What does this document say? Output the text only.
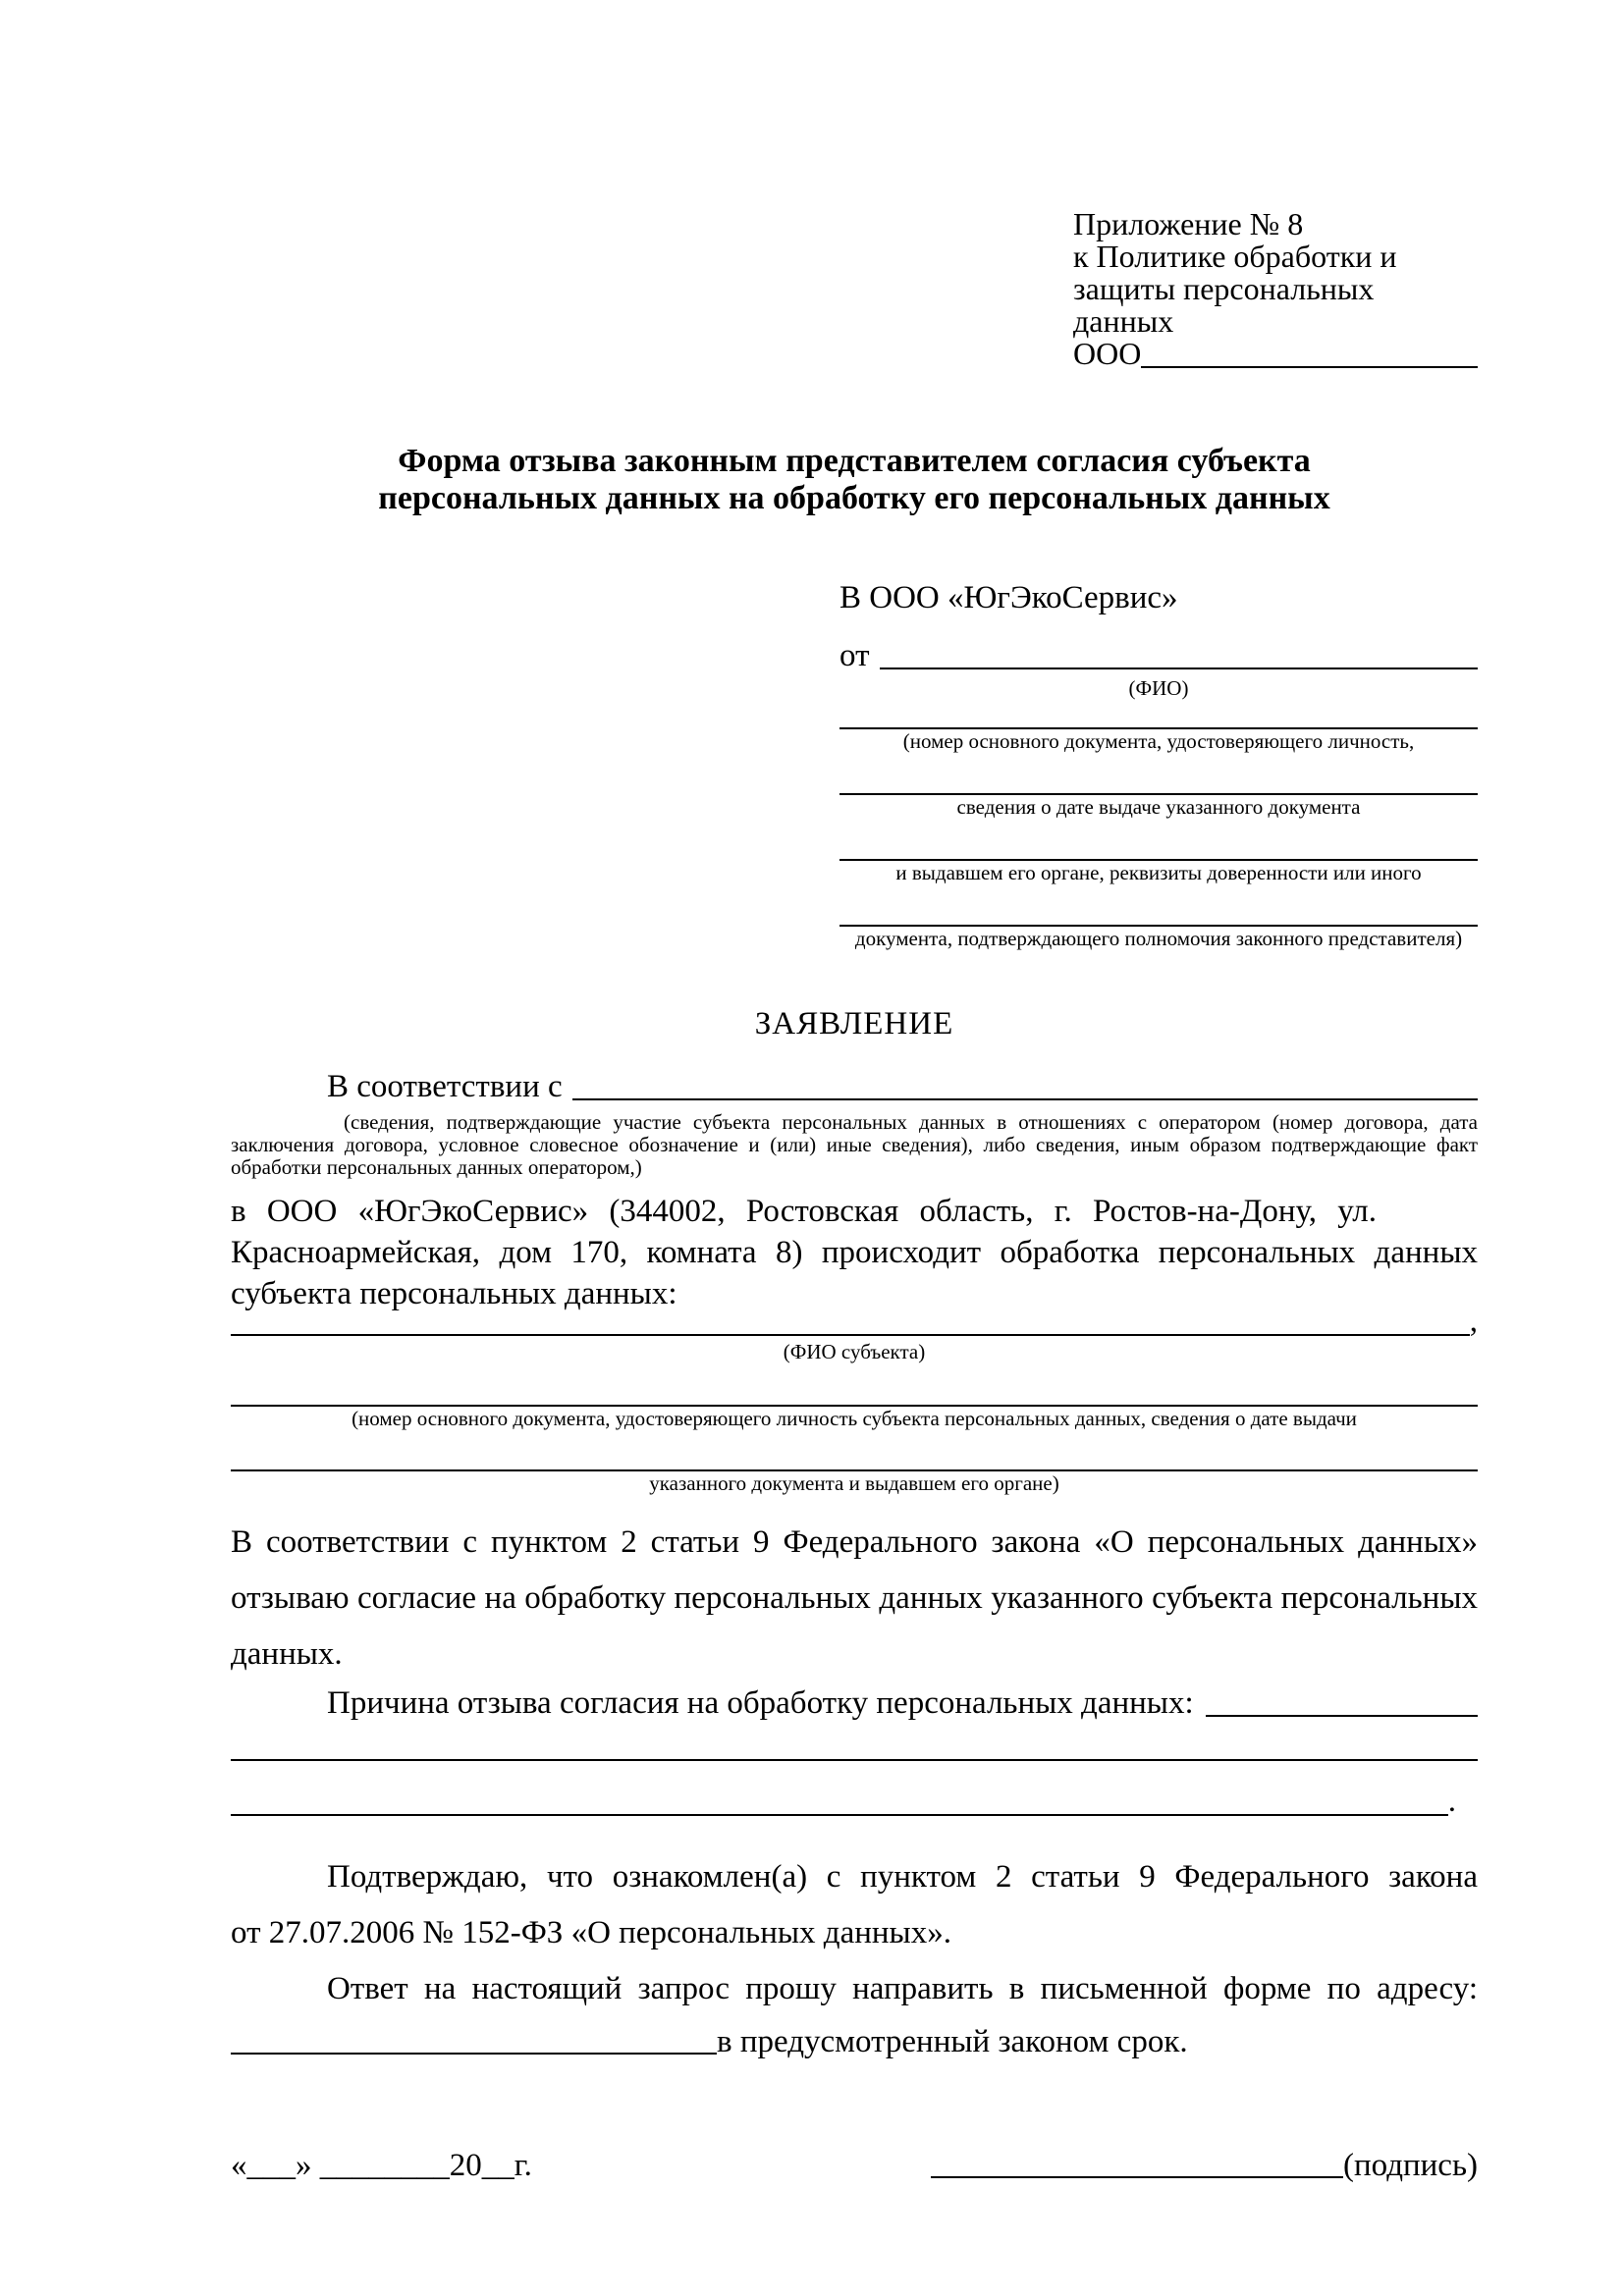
Приложение № 8
к Политике обработки и
защиты персональных данных
ООО
Форма отзыва законным представителем согласия субъекта
персональных данных на обработку его персональных данных
В ООО «ЮгЭкоСервис»
от
(ФИО)
(номер основного документа, удостоверяющего личность,
сведения о дате выдаче указанного документа
и выдавшем его органе, реквизиты доверенности или иного
документа, подтверждающего полномочия законного представителя)
ЗАЯВЛЕНИЕ
В соответствии с
(сведения, подтверждающие участие субъекта персональных данных в отношениях с оператором (номер договора, дата
заключения договора, условное словесное обозначение и (или) иные сведения), либо сведения, иным образом подтверждающие факт
обработки персональных данных оператором,)
в ООО «ЮгЭкоСервис» (344002, Ростовская область, г. Ростов-на-Дону, ул.
Красноармейская, дом 170, комната 8) происходит обработка персональных данных
субъекта персональных данных:
,
(ФИО субъекта)
(номер основного документа, удостоверяющего личность субъекта персональных данных, сведения о дате выдачи
указанного документа и выдавшем его органе)
В соответствии с пунктом 2 статьи 9 Федерального закона «О персональных данных»
отзываю согласие на обработку персональных данных указанного субъекта персональных
данных.
Причина отзыва согласия на обработку персональных данных:
.
Подтверждаю, что ознакомлен(а) с пунктом 2 статьи 9 Федерального закона
от 27.07.2006 № 152-ФЗ «О персональных данных».
Ответ на настоящий запрос прошу направить в письменной форме по адресу:
в предусмотренный законом срок.
«___» ________20__г.	(подпись)
